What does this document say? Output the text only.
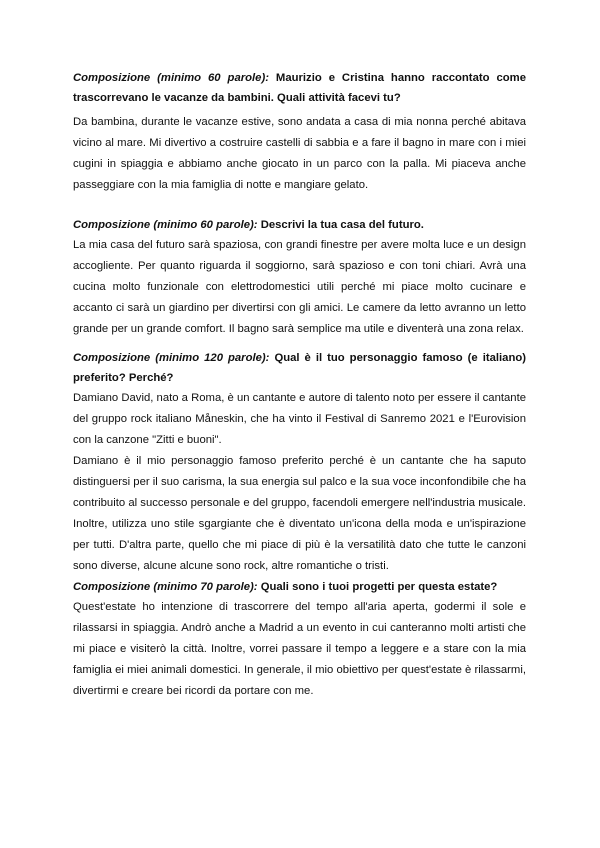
Composizione (minimo 60 parole): Maurizio e Cristina hanno raccontato come trascorrevano le vacanze da bambini. Quali attività facevi tu?
Da bambina, durante le vacanze estive, sono andata a casa di mia nonna perché abitava vicino al mare. Mi divertivo a costruire castelli di sabbia e a fare il bagno in mare con i miei cugini in spiaggia e abbiamo anche giocato in un parco con la palla. Mi piaceva anche passeggiare con la mia famiglia di notte e mangiare gelato.
Composizione (minimo 60 parole): Descrivi la tua casa del futuro.
La mia casa del futuro sarà spaziosa, con grandi finestre per avere molta luce e un design accogliente. Per quanto riguarda il soggiorno, sarà spazioso e con toni chiari. Avrà una cucina molto funzionale con elettrodomestici utili perché mi piace molto cucinare e accanto ci sarà un giardino per divertirsi con gli amici. Le camere da letto avranno un letto grande per un grande comfort. Il bagno sarà semplice ma utile e diventerà una zona relax.
Composizione (minimo 120 parole): Qual è il tuo personaggio famoso (e italiano) preferito? Perché?
Damiano David, nato a Roma, è un cantante e autore di talento noto per essere il cantante del gruppo rock italiano Måneskin, che ha vinto il Festival di Sanremo 2021 e l'Eurovision con la canzone "Zitti e buoni".
Damiano è il mio personaggio famoso preferito perché è un cantante che ha saputo distinguersi per il suo carisma, la sua energia sul palco e la sua voce inconfondibile che ha contribuito al successo personale e del gruppo, facendoli emergere nell'industria musicale. Inoltre, utilizza uno stile sgargiante che è diventato un'icona della moda e un'ispirazione per tutti. D'altra parte, quello che mi piace di più è la versatilità dato che tutte le canzoni sono diverse, alcune alcune sono rock, altre romantiche o tristi.
Composizione (minimo 70 parole): Quali sono i tuoi progetti per questa estate?
Quest'estate ho intenzione di trascorrere del tempo all'aria aperta, godermi il sole e rilassarsi in spiaggia. Andrò anche a Madrid a un evento in cui canteranno molti artisti che mi piace e visiterò la città. Inoltre, vorrei passare il tempo a leggere e a stare con la mia famiglia ei miei animali domestici. In generale, il mio obiettivo per quest'estate è rilassarmi, divertirmi e creare bei ricordi da portare con me.
